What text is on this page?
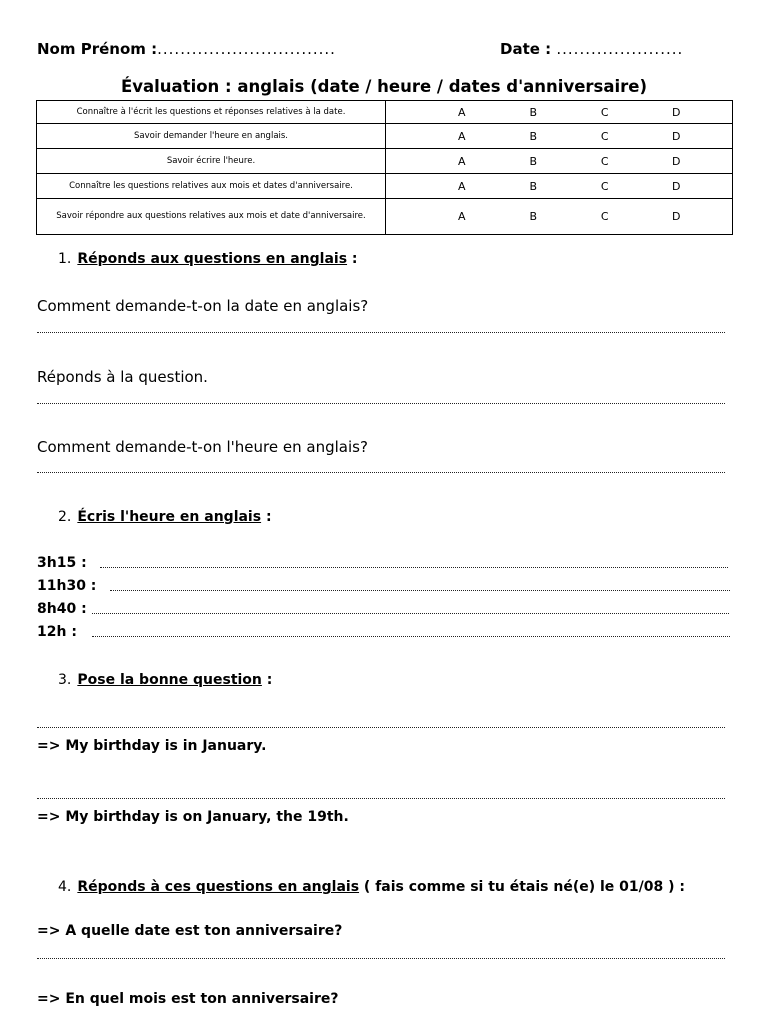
Nom Prénom :...............................	Date : ......................
Évaluation : anglais (date / heure / dates d'anniversaire)
Connaître à l'écrit les questions et réponses relatives à la date.	A B C D

Savoir demander l'heure en anglais.	A B C D

Savoir écrire l'heure.	A B C D

Connaître les questions relatives aux mois et dates d'anniversaire.	A B C D

Savoir répondre aux questions relatives aux mois et date d'anniversaire.	A B C D
1. Réponds aux questions en anglais :
Comment demande-t-on la date en anglais?
Réponds à la question.
Comment demande-t-on l'heure en anglais?
2. Écris l'heure en anglais :
3h15 :
11h30 :
8h40 :
12h :
3. Pose la bonne question :
=> My birthday is in January.
=> My birthday is on January, the 19th.
4. Réponds à ces questions en anglais ( fais comme si tu étais né(e) le 01/08 ) :
=> A quelle date est ton anniversaire?
=> En quel mois est ton anniversaire?
